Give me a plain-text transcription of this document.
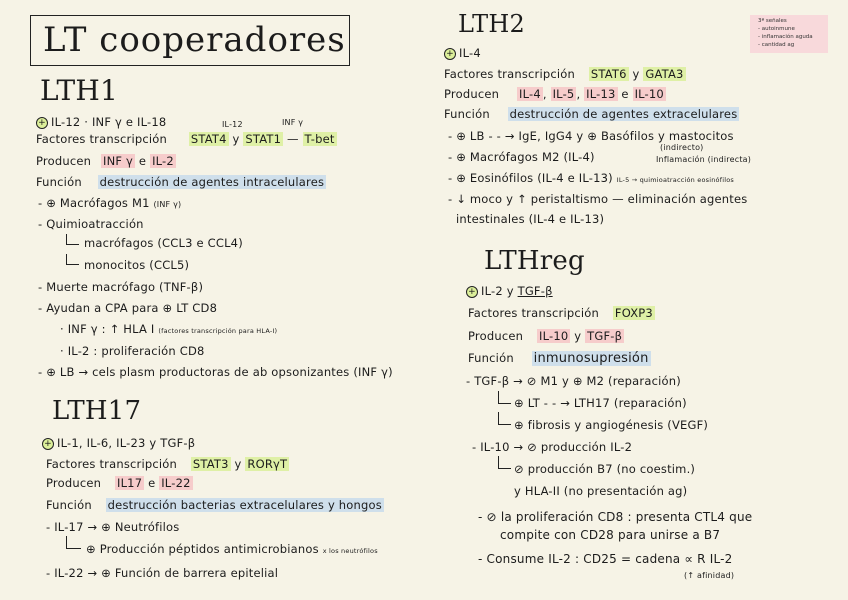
LT cooperadores	3ª señales
- autoinmune
- inflamación aguda
- cantidad ag
LTH1
+ IL-12 · INF γ e IL-18	IL-12	INF γ
Factores transcripción STAT4 y STAT1 — T-bet
Producen INF γ e IL-2
Función destrucción de agentes intracelulares
- ⊕ Macrófagos M1 (INF γ)
- Quimioatracción
macrófagos (CCL3 e CCL4)
monocitos (CCL5)
- Muerte macrófago (TNF-β)
- Ayudan a CPA para ⊕ LT CD8
· INF γ : ↑ HLA I (factores transcripción para HLA-I)
· IL-2 : proliferación CD8
- ⊕ LB → cels plasm productoras de ab opsonizantes (INF γ)
LTH17
+ IL-1, IL-6, IL-23 y TGF-β
Factores transcripción STAT3 y RORγT
Producen IL17 e IL-22
Función destrucción bacterias extracelulares y hongos
- IL-17 → ⊕ Neutrófilos
⊕ Producción péptidos antimicrobianos x los neutrófilos
- IL-22 → ⊕ Función de barrera epitelial
LTH2
+ IL-4
Factores transcripción STAT6 y GATA3
Producen IL-4 , IL-5 , IL-13 e IL-10
Función destrucción de agentes extracelulares
- ⊕ LB - - → IgE, IgG4 y ⊕ Basófilos y mastocitos
(indirecto)
- ⊕ Macrófagos M2 (IL-4)	Inflamación (indirecta)
- ⊕ Eosinófilos (IL-4 e IL-13) IL-5 → quimioatracción eosinófilos
- ↓ moco y ↑ peristaltismo — eliminación agentes
intestinales (IL-4 e IL-13)
LTHreg
+ IL-2 y TGF-β
Factores transcripción FOXP3
Producen IL-10 y TGF-β
Función inmunosupresión
- TGF-β → ⊘ M1 y ⊕ M2 (reparación)
⊕ LT - - → LTH17 (reparación)
⊕ fibrosis y angiogénesis (VEGF)
- IL-10 → ⊘ producción IL-2
⊘ producción B7 (no coestim.)
y HLA-II (no presentación ag)
- ⊘ la proliferación CD8 : presenta CTL4 que
compite con CD28 para unirse a B7
- Consume IL-2 : CD25 = cadena ∝ R IL-2
(↑ afinidad)
